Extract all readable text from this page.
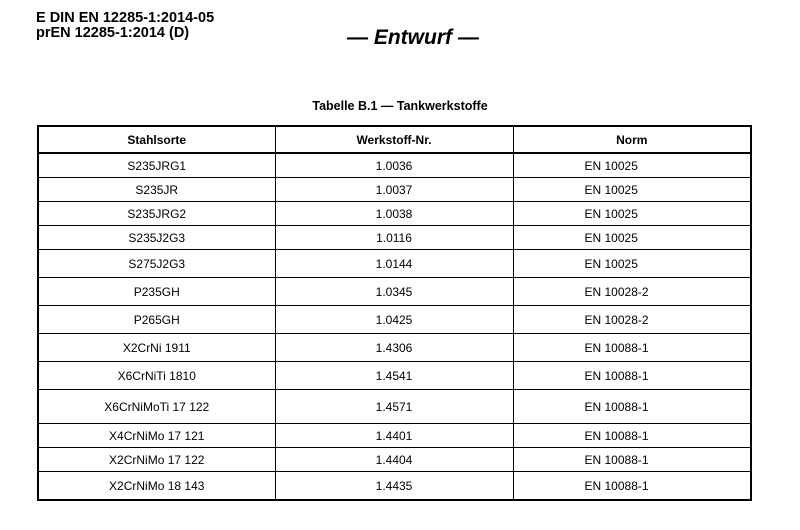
E DIN EN 12285-1:2014-05
prEN 12285-1:2014 (D)	— Entwurf —
Tabelle B.1 — Tankwerkstoffe
Stahlsorte	Werkstoff-Nr.	Norm
S235JRG1	1.0036	EN 10025
S235JR	1.0037	EN 10025
S235JRG2	1.0038	EN 10025
S235J2G3	1.0116	EN 10025
S275J2G3	1.0144	EN 10025
P235GH	1.0345	EN 10028-2
P265GH	1.0425	EN 10028-2
X2CrNi 1911	1.4306	EN 10088-1
X6CrNiTi 1810	1.4541	EN 10088-1
X6CrNiMoTi 17 122	1.4571	EN 10088-1
X4CrNiMo 17 121	1.4401	EN 10088-1
X2CrNiMo 17 122	1.4404	EN 10088-1
X2CrNiMo 18 143	1.4435	EN 10088-1
